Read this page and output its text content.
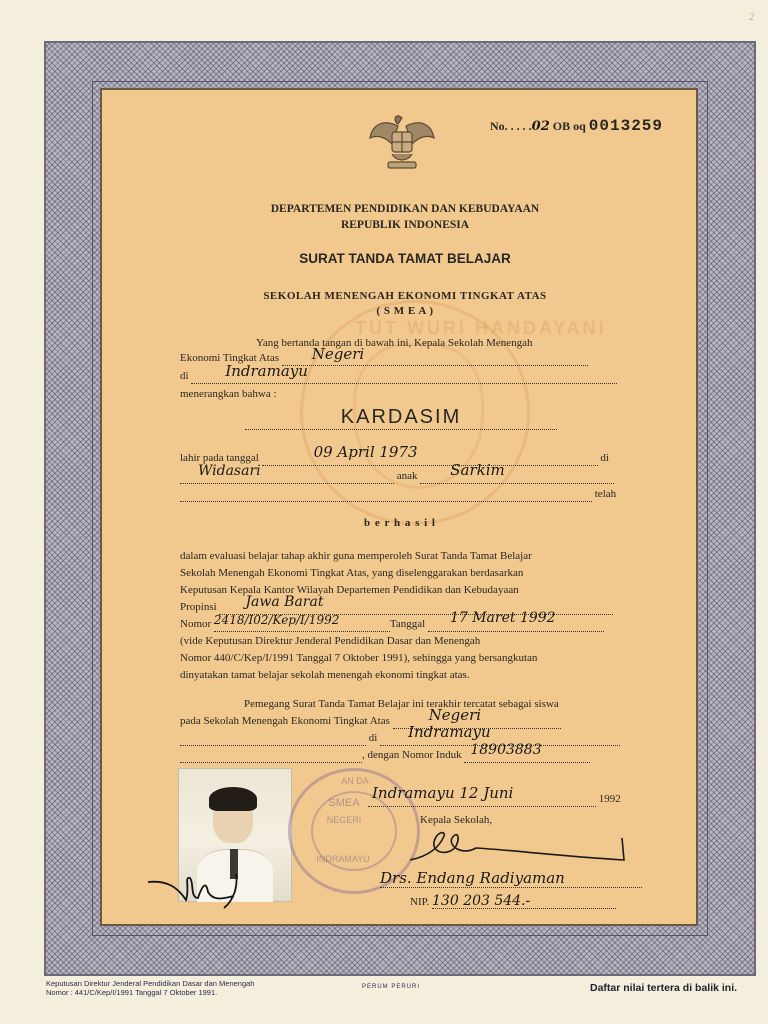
2
TUT WURI HANDAYANI
No. . . . .02 OB oq 0013259
DEPARTEMEN PENDIDIKAN DAN KEBUDAYAAN
REPUBLIK INDONESIA
SURAT TANDA TAMAT BELAJAR
SEKOLAH MENENGAH EKONOMI TINGKAT ATAS
( S M E A )
Yang bertanda tangan di bawah ini, Kepala Sekolah Menengah
Ekonomi Tingkat Atas Negeri
di Indramayu
menerangkan bahwa :
KARDASIM
lahir pada tanggal	09 April 1973	di
Widasari	anak Sarkim
telah
b e r h a s i l
dalam evaluasi belajar tahap akhir guna memperoleh Surat Tanda Tamat Belajar
Sekolah Menengah Ekonomi Tingkat Atas, yang diselenggarakan berdasarkan
Keputusan Kepala Kantor Wilayah Departemen Pendidikan dan Kebudayaan
Propinsi Jawa Barat
Nomor 2418/I02/Kep/I/1992	Tanggal 17 Maret 1992
(vide Keputusan Direktur Jenderal Pendidikan Dasar dan Menengah
Nomor 440/C/Kep/I/1991 Tanggal 7 Oktober 1991), sehingga yang bersangkutan
dinyatakan tamat belajar sekolah menengah ekonomi tingkat atas.
Pemegang Surat Tanda Tamat Belajar ini terakhir tercatat sebagai siswa
pada Sekolah Menengah Ekonomi Tingkat Atas	Negeri
di Indramayu
, dengan Nomor Induk 18903883
AN DA
SMEA
NEGERI
INDRAMAYU
Indramayu 12 Juni	1992
Kepala Sekolah,
Drs. Endang Radiyaman
NIP. 130 203 544.-
Keputusan Direktur Jenderal Pendidikan Dasar dan Menengah
Nomor : 441/C/Kep/I/1991 Tanggal 7 Oktober 1991.
PERUM PERURI	Daftar nilai tertera di balik ini.
